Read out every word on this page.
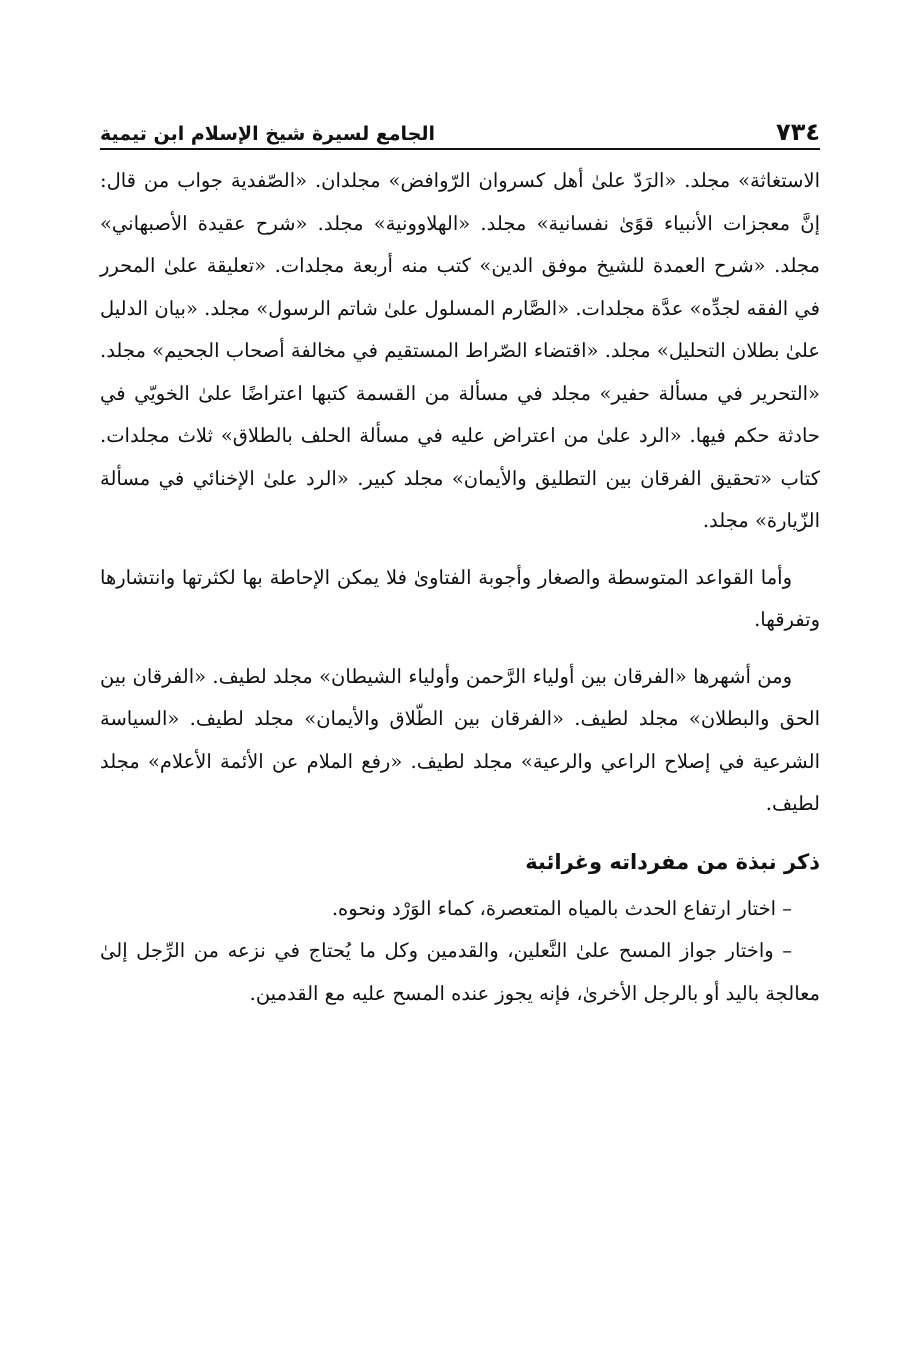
٧٣٤
الجامع لسيرة شيخ الإسلام ابن تيمية

الاستغاثة» مجلد. «الرَدّ علىٰ أهل كسروان الرّوافض» مجلدان. «الصّفدية جواب من قال: إنَّ معجزات الأنبياء قوًىٰ نفسانية» مجلد. «الهلاوونية» مجلد. «شرح عقيدة الأصبهاني» مجلد. «شرح العمدة للشيخ موفق الدين» كتب منه أربعة مجلدات. «تعليقة علىٰ المحرر في الفقه لجدِّه» عدَّة مجلدات. «الصَّارم المسلول علىٰ شاتم الرسول» مجلد. «بيان الدليل علىٰ بطلان التحليل» مجلد. «اقتضاء الصّراط المستقيم في مخالفة أصحاب الجحيم» مجلد. «التحرير في مسألة حفير» مجلد في مسألة من القسمة كتبها اعتراضًا علىٰ الخويّي في حادثة حكم فيها. «الرد علىٰ من اعتراض عليه في مسألة الحلف بالطلاق» ثلاث مجلدات. كتاب «تحقيق الفرقان بين التطليق والأيمان» مجلد كبير. «الرد علىٰ الإخنائي في مسألة الزّيارة» مجلد.

وأما القواعد المتوسطة والصغار وأجوبة الفتاوىٰ فلا يمكن الإحاطة بها لكثرتها وانتشارها وتفرقها.

ومن أشهرها «الفرقان بين أولياء الرَّحمن وأولياء الشيطان» مجلد لطيف. «الفرقان بين الحق والبطلان» مجلد لطيف. «الفرقان بين الطّلاق والأيمان» مجلد لطيف. «السياسة الشرعية في إصلاح الراعي والرعية» مجلد لطيف. «رفع الملام عن الأئمة الأعلام» مجلد لطيف.

ذكر نبذة من مفرداته وغرائبة

– اختار ارتفاع الحدث بالمياه المتعصرة، كماء الوَرْد ونحوه.

– واختار جواز المسح علىٰ النَّعلين، والقدمين وكل ما يُحتاج في نزعه من الرِّجل إلىٰ معالجة باليد أو بالرجل الأخرىٰ، فإنه يجوز عنده المسح عليه مع القدمين.
